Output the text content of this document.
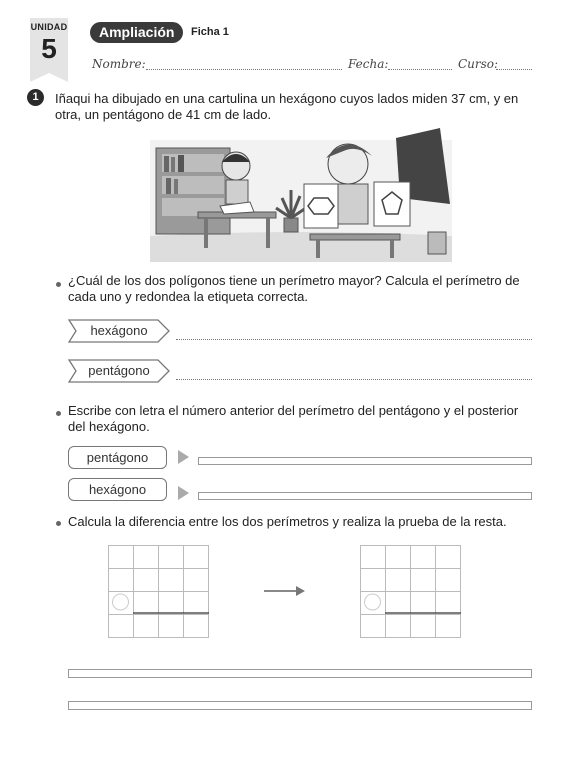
UNIDAD
5
Ampliación	Ficha 1
Nombre:	Fecha:	Curso:
1	Iñaqui ha dibujado en una cartulina un hexágono cuyos lados miden 37 cm, y en otra, un pentágono de 41 cm de lado.
¿Cuál de los dos polígonos tiene un perímetro mayor? Calcula el perímetro de cada uno y redondea la etiqueta correcta.
hexágono
pentágono
Escribe con letra el número anterior del perímetro del pentágono y el posterior del hexágono.
pentágono
hexágono
Calcula la diferencia entre los dos perímetros y realiza la prueba de la resta.
